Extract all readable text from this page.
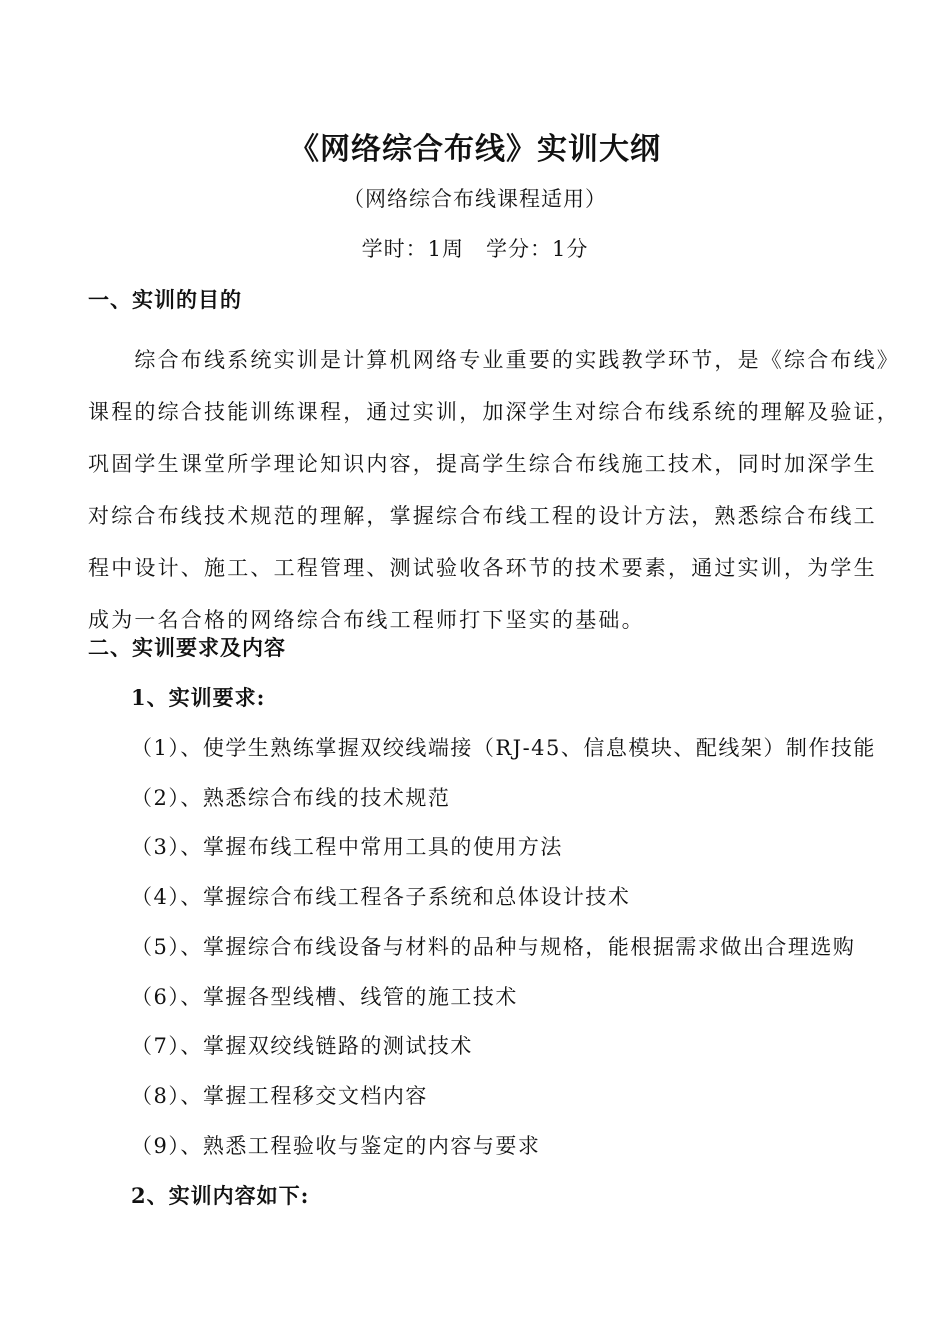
《网络综合布线》实训大纲
（网络综合布线课程适用）
学时：1周　学分：1分
一、实训的目的
　　综合布线系统实训是计算机网络专业重要的实践教学环节，是《综合布线》
课程的综合技能训练课程，通过实训，加深学生对综合布线系统的理解及验证，
巩固学生课堂所学理论知识内容，提高学生综合布线施工技术，同时加深学生
对综合布线技术规范的理解，掌握综合布线工程的设计方法，熟悉综合布线工
程中设计、施工、工程管理、测试验收各环节的技术要素，通过实训，为学生
成为一名合格的网络综合布线工程师打下坚实的基础。
二、实训要求及内容
1、实训要求:
（1）、使学生熟练掌握双绞线端接（RJ-45、信息模块、配线架）制作技能
（2）、熟悉综合布线的技术规范
（3）、掌握布线工程中常用工具的使用方法
（4）、掌握综合布线工程各子系统和总体设计技术
（5）、掌握综合布线设备与材料的品种与规格，能根据需求做出合理选购
（6）、掌握各型线槽、线管的施工技术
（7）、掌握双绞线链路的测试技术
（8）、掌握工程移交文档内容
（9）、熟悉工程验收与鉴定的内容与要求
2、实训内容如下:
